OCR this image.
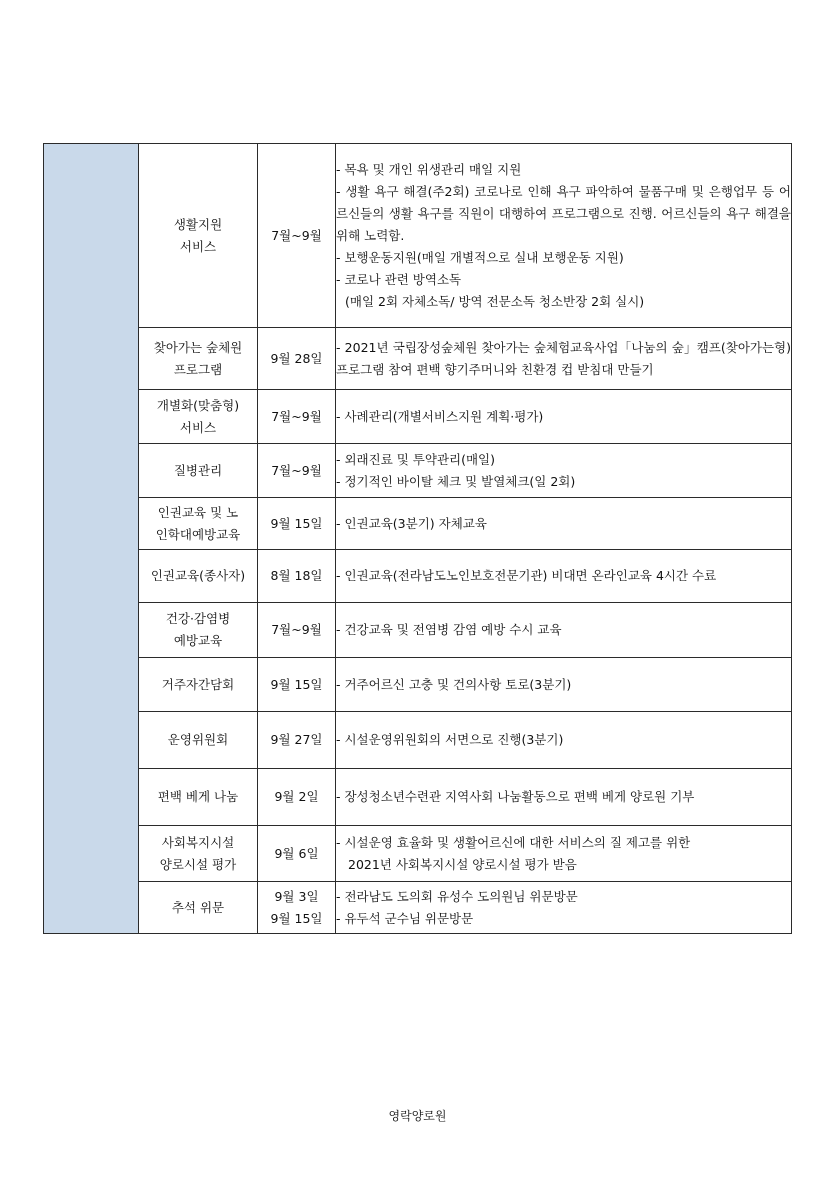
	생활지원
서비스	7월~9월	- 목욕 및 개인 위생관리 매일 지원
- 생활 욕구 해결(주2회) 코로나로 인해 욕구 파악하여 물품구매 및 은행업무 등 어르신들의 생활 욕구를 직원이 대행하여 프로그램으로 진행. 어르신들의 욕구 해결을 위해 노력함.
- 보행운동지원(매일 개별적으로 실내 보행운동 지원)
- 코로나 관련 방역소독
(매일 2회 자체소독/ 방역 전문소독 청소반장 2회 실시)

	찾아가는 숲체원
프로그램	9월 28일	- 2021년 국립장성숲체원 찾아가는 숲체험교육사업「나눔의 숲」캠프(찾아가는형) 프로그램 참여 편백 향기주머니와 친환경 컵 받침대 만들기

	개별화(맞춤형)
서비스	7월~9월	- 사례관리(개별서비스지원 계획·평가)

	질병관리	7월~9월	- 외래진료 및 투약관리(매일)
- 정기적인 바이탈 체크 및 발열체크(일 2회)

	인권교육 및 노
인학대예방교육	9월 15일	- 인권교육(3분기) 자체교육

	인권교육(종사자)	8월 18일	- 인권교육(전라남도노인보호전문기관) 비대면 온라인교육 4시간 수료

	건강·감염병
예방교육	7월~9월	- 건강교육 및 전염병 감염 예방 수시 교육

	거주자간담회	9월 15일	- 거주어르신 고충 및 건의사항 토로(3분기)

	운영위원회	9월 27일	- 시설운영위원회의 서면으로 진행(3분기)

	편백 베게 나눔	9월 2일	- 장성청소년수련관 지역사회 나눔활동으로 편백 베게 양로원 기부

	사회복지시설
양로시설 평가	9월 6일	- 시설운영 효율화 및 생활어르신에 대한 서비스의 질 제고를 위한
2021년 사회복지시설 양로시설 평가 받음

	추석 위문	9월 3일
9월 15일	- 전라남도 도의회 유성수 도의원님 위문방문
- 유두석 군수님 위문방문
영락양로원
